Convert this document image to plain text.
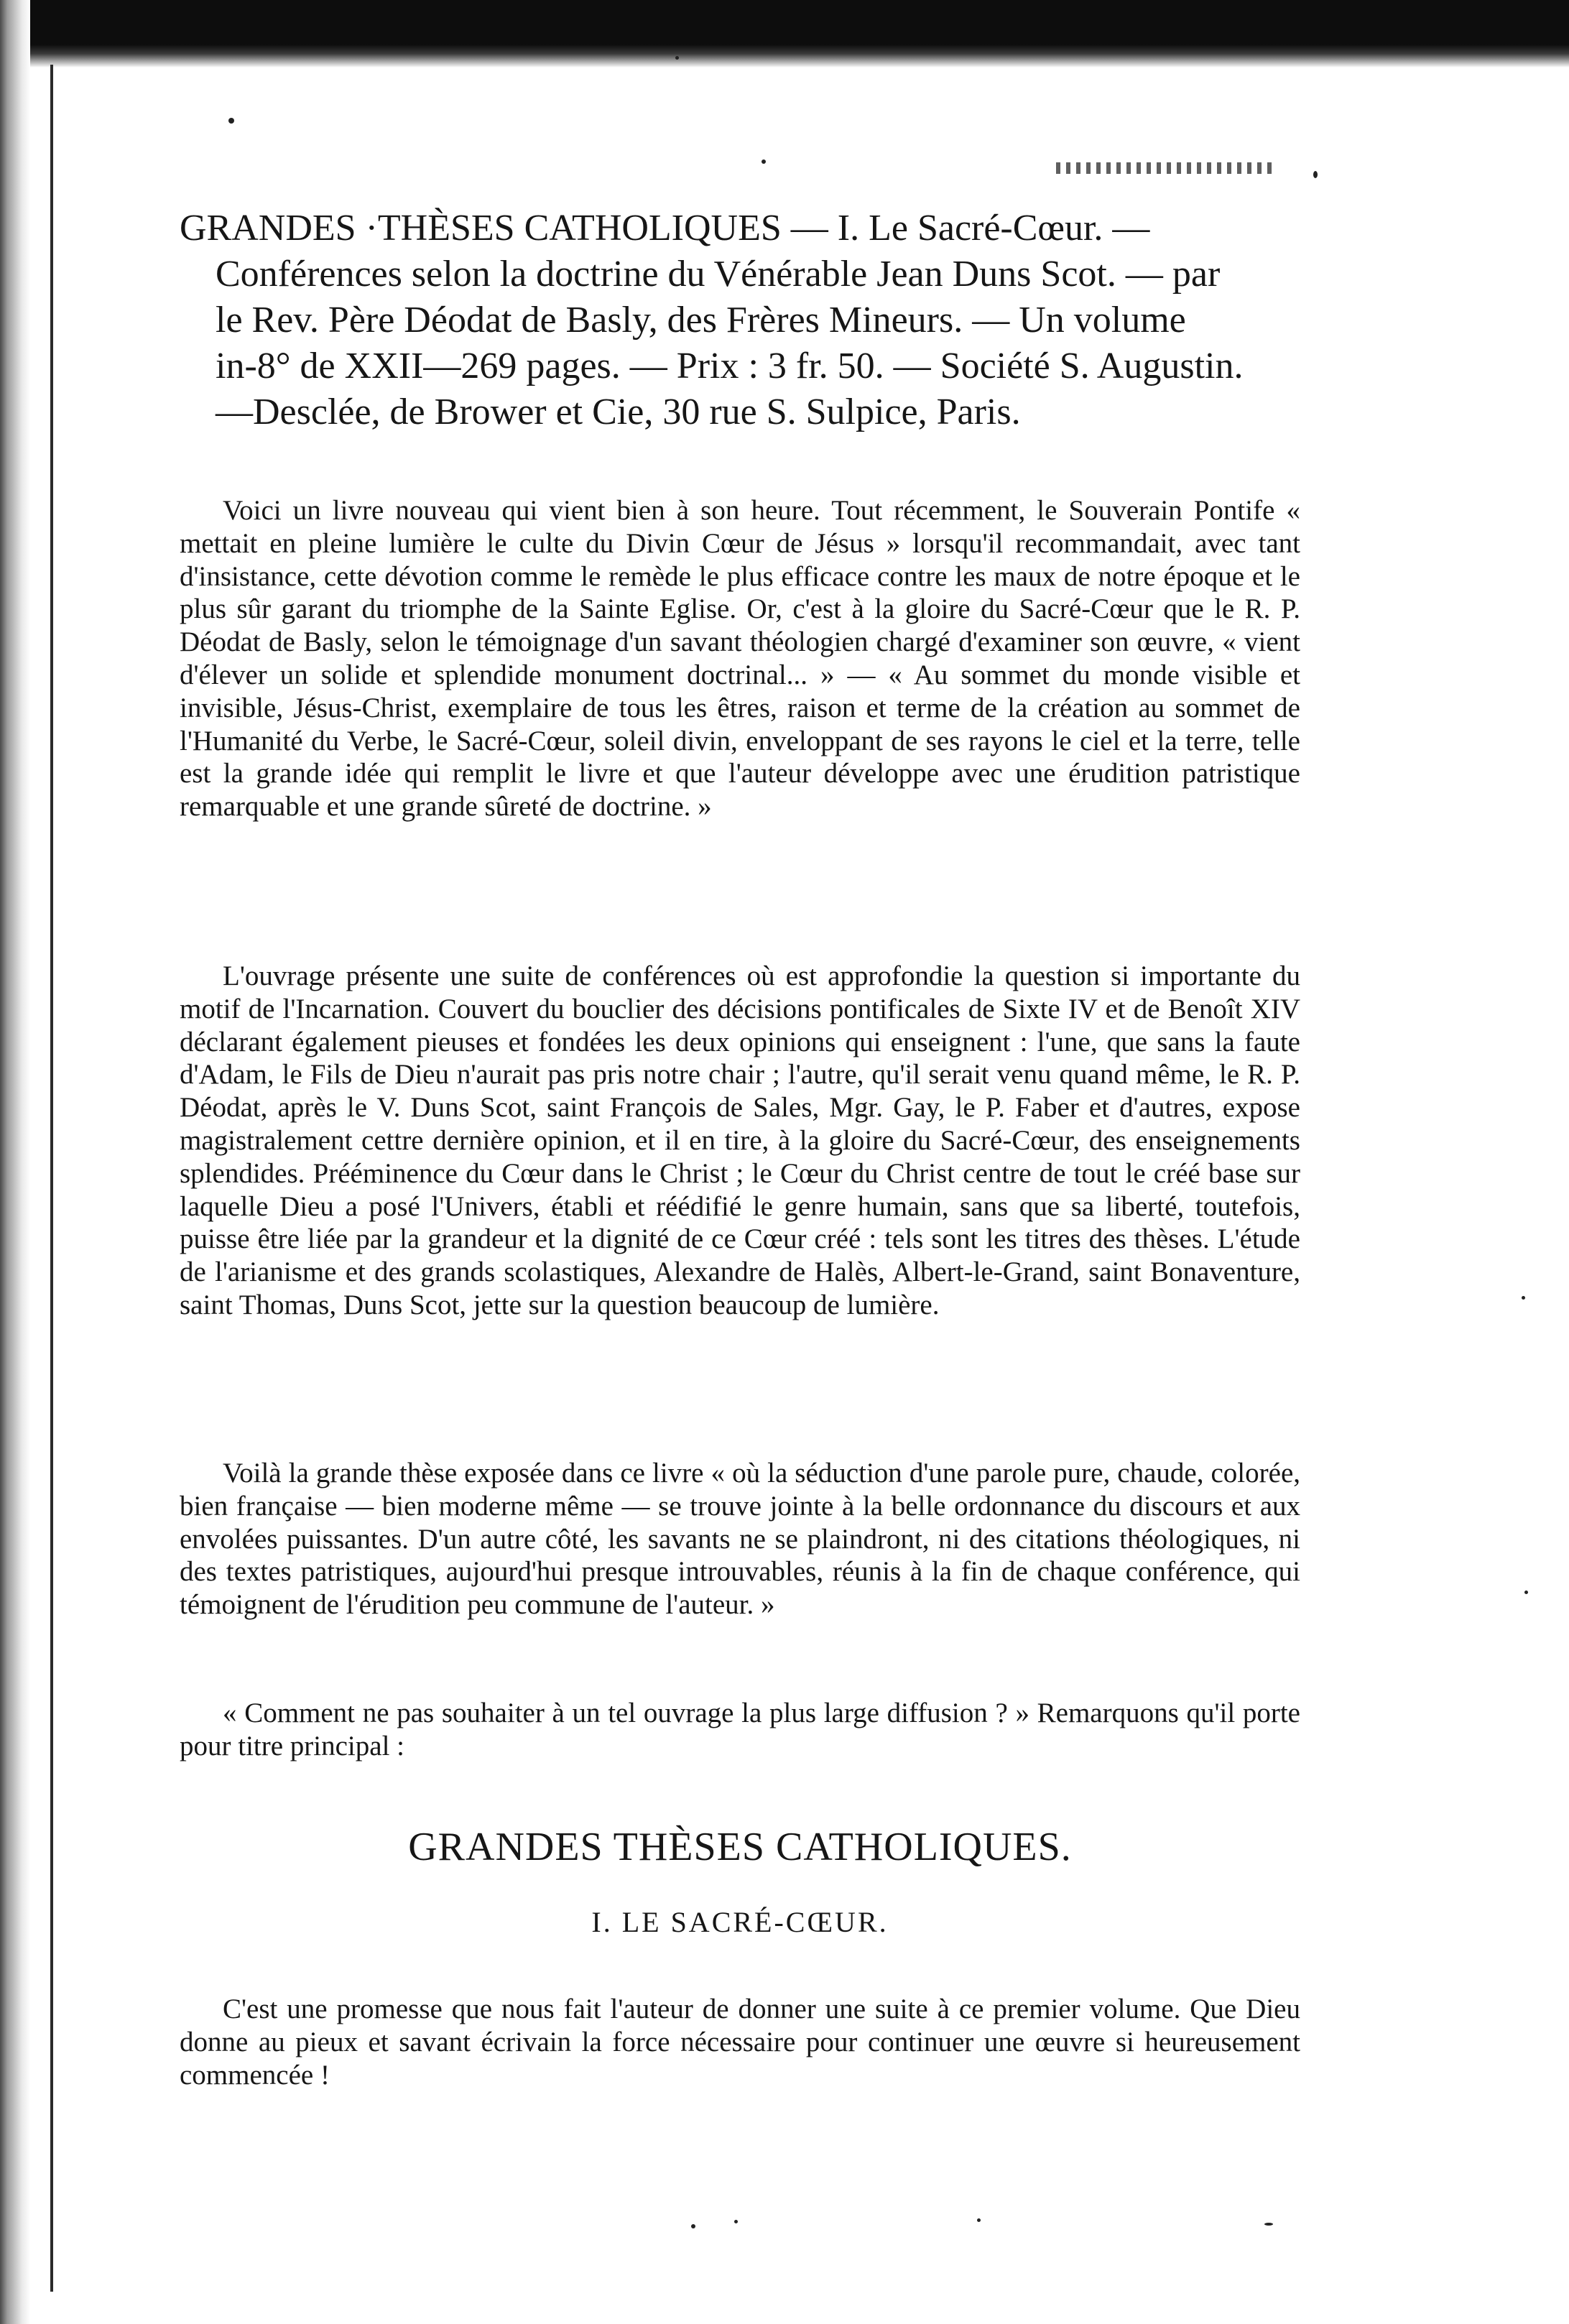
GRANDES ·THÈSES CATHOLIQUES — I. Le Sacré-Cœur. —
Conférences selon la doctrine du Vénérable Jean Duns Scot. — par
le Rev. Père Déodat de Basly, des Frères Mineurs. — Un volume
in-8° de XXII—269 pages. — Prix : 3 fr. 50. — Société S. Augustin.
—Desclée, de Brower et Cie, 30 rue S. Sulpice, Paris.

Voici un livre nouveau qui vient bien à son heure. Tout récemment, le Souverain Pontife « mettait en pleine lumière le culte du Divin Cœur de Jésus » lorsqu'il recommandait, avec tant d'insistance, cette dévotion comme le remède le plus efficace contre les maux de notre époque et le plus sûr garant du triomphe de la Sainte Eglise. Or, c'est à la gloire du Sacré-Cœur que le R. P. Déodat de Basly, selon le témoignage d'un savant théologien chargé d'examiner son œuvre, « vient d'élever un solide et splendide monument doctrinal... » — « Au sommet du monde visible et invisible, Jésus-Christ, exemplaire de tous les êtres, raison et terme de la création au sommet de l'Humanité du Verbe, le Sacré-Cœur, soleil divin, enveloppant de ses rayons le ciel et la terre, telle est la grande idée qui remplit le livre et que l'auteur développe avec une érudition patristique remarquable et une grande sûreté de doctrine. »

L'ouvrage présente une suite de conférences où est approfondie la question si importante du motif de l'Incarnation. Couvert du bouclier des décisions pontificales de Sixte IV et de Benoît XIV déclarant également pieuses et fondées les deux opinions qui enseignent : l'une, que sans la faute d'Adam, le Fils de Dieu n'aurait pas pris notre chair ; l'autre, qu'il serait venu quand même, le R. P. Déodat, après le V. Duns Scot, saint François de Sales, Mgr. Gay, le P. Faber et d'autres, expose magistralement cettre dernière opinion, et il en tire, à la gloire du Sacré-Cœur, des enseignements splendides. Prééminence du Cœur dans le Christ ; le Cœur du Christ centre de tout le créé base sur laquelle Dieu a posé l'Univers, établi et réédifié le genre humain, sans que sa liberté, toutefois, puisse être liée par la grandeur et la dignité de ce Cœur créé : tels sont les titres des thèses. L'étude de l'arianisme et des grands scolastiques, Alexandre de Halès, Albert-le-Grand, saint Bonaventure, saint Thomas, Duns Scot, jette sur la question beaucoup de lumière.

Voilà la grande thèse exposée dans ce livre « où la séduction d'une parole pure, chaude, colorée, bien française — bien moderne même — se trouve jointe à la belle ordonnance du discours et aux envolées puissantes. D'un autre côté, les savants ne se plaindront, ni des citations théologiques, ni des textes patristiques, aujourd'hui presque introuvables, réunis à la fin de chaque conférence, qui témoignent de l'érudition peu commune de l'auteur. »

« Comment ne pas souhaiter à un tel ouvrage la plus large diffusion ? » Remarquons qu'il porte pour titre principal :

GRANDES THÈSES CATHOLIQUES.
I. LE SACRÉ-CŒUR.

C'est une promesse que nous fait l'auteur de donner une suite à ce premier volume. Que Dieu donne au pieux et savant écrivain la force nécessaire pour continuer une œuvre si heureusement commencée !
